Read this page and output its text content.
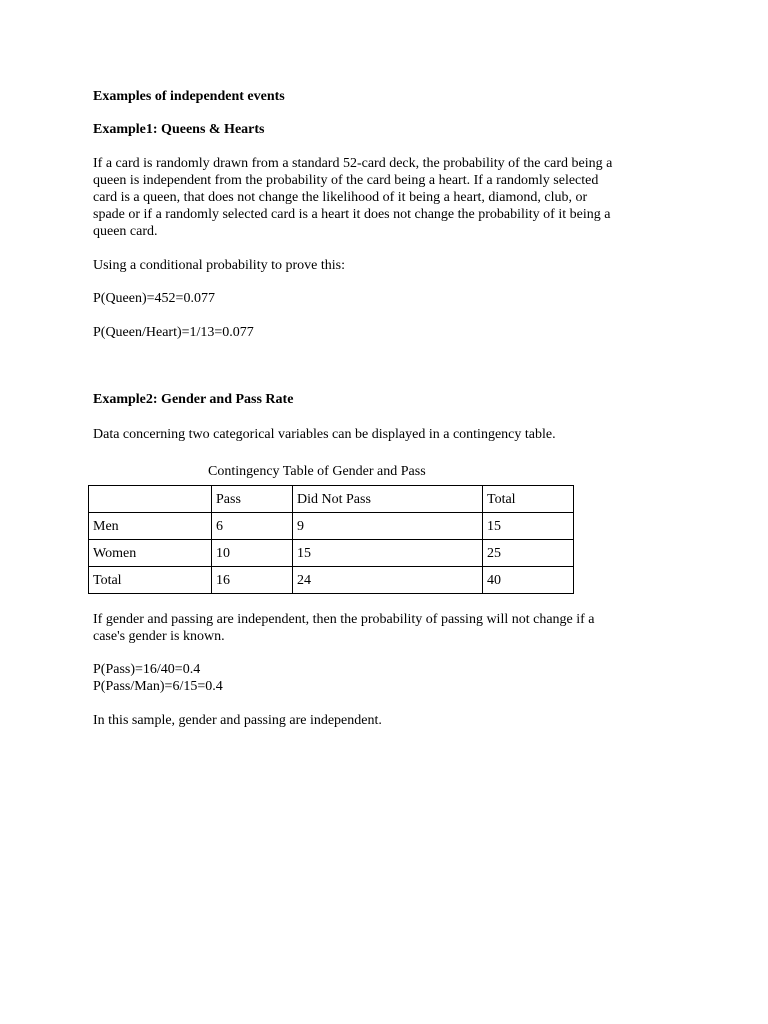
Examples of independent events
Example1: Queens & Hearts
If a card is randomly drawn from a standard 52-card deck, the probability of the card being a
queen is independent from the probability of the card being a heart. If a randomly selected
card is a queen, that does not change the likelihood of it being a heart, diamond, club, or
spade or if a randomly selected card is a heart it does not change the probability of it being a
queen card.
Using a conditional probability to prove this:
P(Queen)=452=0.077
P(Queen/Heart)=1/13=0.077
Example2: Gender and Pass Rate
Data concerning two categorical variables can be displayed in a contingency table.
Contingency Table of Gender and Pass
	Pass	Did Not Pass	Total
Men	6	9	15
Women	10	15	25
Total	16	24	40
If gender and passing are independent, then the probability of passing will not change if a
case's gender is known.
P(Pass)=16/40=0.4
P(Pass/Man)=6/15=0.4
In this sample, gender and passing are independent.
